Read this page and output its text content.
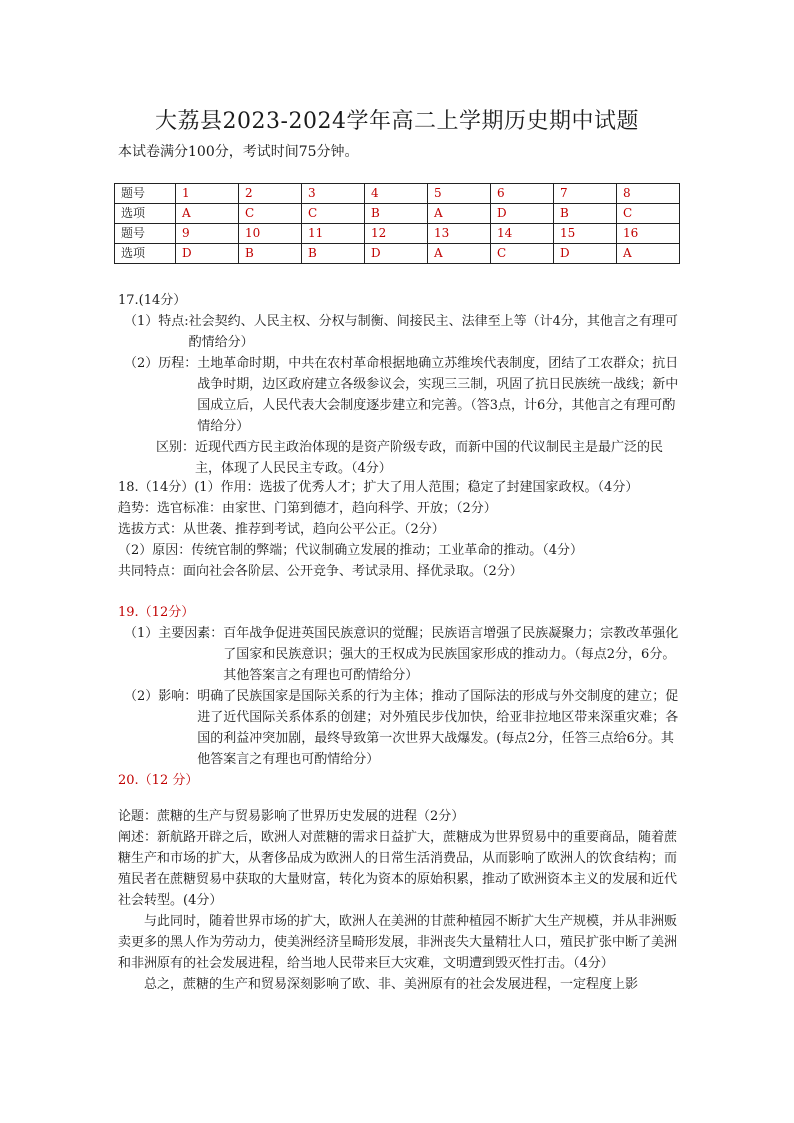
大荔县2023-2024学年高二上学期历史期中试题
本试卷满分100分，考试时间75分钟。
题号	1	2	3	4	5	6	7	8
选项	A	C	C	B	A	D	B	C
题号	9	10	11	12	13	14	15	16
选项	D	B	B	D	A	C	D	A
17.(14分）
（1）特点: 社会契约、人民主权、分权与制衡、间接民主、法律至上等（计4分，其他言之有理可酌情给分）
（2）历程： 土地革命时期，中共在农村革命根据地确立苏维埃代表制度，团结了工农群众；抗日战争时期，边区政府建立各级参议会，实现三三制，巩固了抗日民族统一战线；新中国成立后，人民代表大会制度逐步建立和完善。（答3点，计6分，其他言之有理可酌情给分）
区别： 近现代西方民主政治体现的是资产阶级专政，而新中国的代议制民主是最广泛的民主，体现了人民民主专政。（4分）
18.（14分）(1）作用：选拔了优秀人才；扩大了用人范围；稳定了封建国家政权。（4分）
趋势：选官标准：由家世、门第到德才，趋向科学、开放；（2分）
选拔方式：从世袭、推荐到考试，趋向公平公正。（2分）
（2）原因：传统官制的弊端；代议制确立发展的推动；工业革命的推动。（4分）
共同特点：面向社会各阶层、公开竞争、考试录用、择优录取。（2分）
19.（12分）
（1）主要因素： 百年战争促进英国民族意识的觉醒；民族语言增强了民族凝聚力；宗教改革强化了国家和民族意识；强大的王权成为民族国家形成的推动力。（每点2分，6分。其他答案言之有理也可酌情给分）
（2）影响： 明确了民族国家是国际关系的行为主体；推动了国际法的形成与外交制度的建立；促进了近代国际关系体系的创建；对外殖民步伐加快，给亚非拉地区带来深重灾难；各国的利益冲突加剧，最终导致第一次世界大战爆发。(每点2分，任答三点给6分。其他答案言之有理也可酌情给分）
20.（12 分）

论题：蔗糖的生产与贸易影响了世界历史发展的进程（2分）

阐述：新航路开辟之后，欧洲人对蔗糖的需求日益扩大，蔗糖成为世界贸易中的重要商品，随着蔗糖生产和市场的扩大，从奢侈品成为欧洲人的日常生活消费品，从而影响了欧洲人的饮食结构；而殖民者在蔗糖贸易中获取的大量财富，转化为资本的原始积累，推动了欧洲资本主义的发展和近代社会转型。(4分）

与此同时，随着世界市场的扩大，欧洲人在美洲的甘蔗种植园不断扩大生产规模，并从非洲贩卖更多的黑人作为劳动力，使美洲经济呈畸形发展，非洲丧失大量精壮人口，殖民扩张中断了美洲和非洲原有的社会发展进程，给当地人民带来巨大灾难，文明遭到毁灭性打击。（4分）

总之，蔗糖的生产和贸易深刻影响了欧、非、美洲原有的社会发展进程，一定程度上影
